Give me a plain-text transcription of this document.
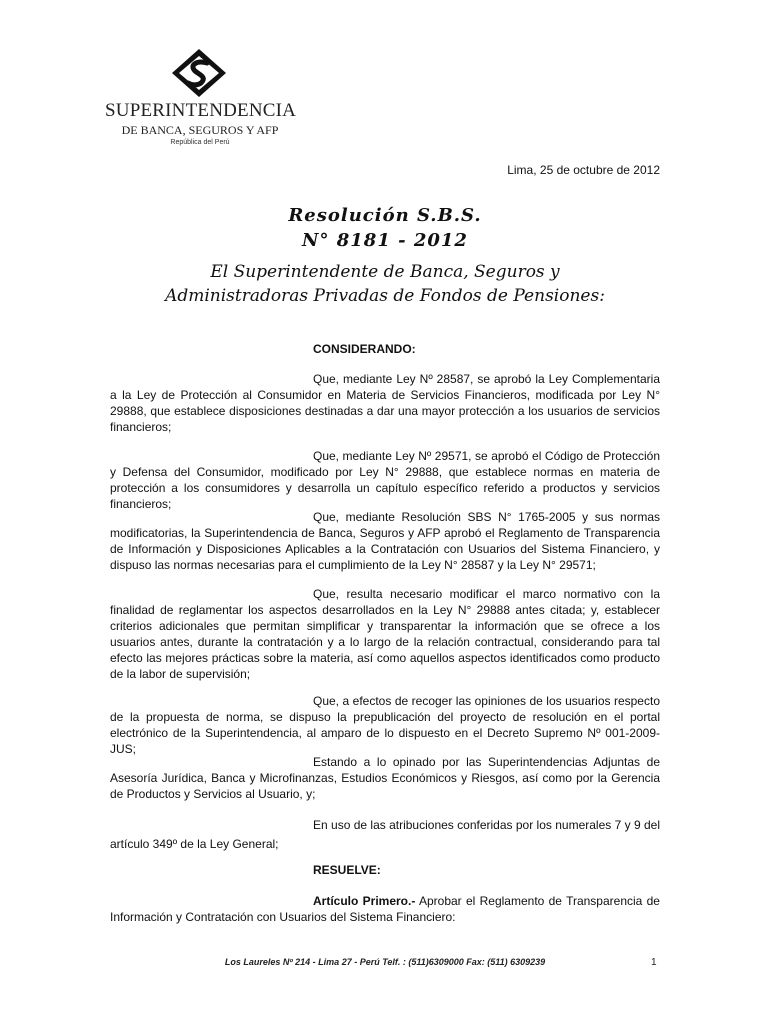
SUPERINTENDENCIA
DE BANCA, SEGUROS Y AFP
República del Perú
Lima, 25 de octubre de 2012
Resolución S.B.S.
N° 8181 - 2012
El Superintendente de Banca, Seguros y
Administradoras Privadas de Fondos de Pensiones:
CONSIDERANDO:
Que, mediante Ley Nº 28587, se aprobó la Ley Complementaria a la Ley de Protección al Consumidor en Materia de Servicios Financieros, modificada por Ley N° 29888, que establece disposiciones destinadas a dar una mayor protección a los usuarios de servicios financieros;
Que, mediante Ley Nº 29571, se aprobó el Código de Protección y Defensa del Consumidor, modificado por Ley N° 29888, que establece normas en materia de protección a los consumidores y desarrolla un capítulo específico referido a productos y servicios financieros;
Que, mediante Resolución SBS N° 1765-2005 y sus normas modificatorias, la Superintendencia de Banca, Seguros y AFP aprobó el Reglamento de Transparencia de Información y Disposiciones Aplicables a la Contratación con Usuarios del Sistema Financiero, y dispuso las normas necesarias para el cumplimiento de la Ley N° 28587 y la Ley N° 29571;
Que, resulta necesario modificar el marco normativo con la finalidad de reglamentar los aspectos desarrollados en la Ley N° 29888 antes citada; y, establecer criterios adicionales que permitan simplificar y transparentar la información que se ofrece a los usuarios antes, durante la contratación y a lo largo de la relación contractual, considerando para tal efecto las mejores prácticas sobre la materia, así como aquellos aspectos identificados como producto de la labor de supervisión;
Que, a efectos de recoger las opiniones de los usuarios respecto de la propuesta de norma, se dispuso la prepublicación del proyecto de resolución en el portal electrónico de la Superintendencia, al amparo de lo dispuesto en el Decreto Supremo Nº 001-2009-JUS;
Estando a lo opinado por las Superintendencias Adjuntas de Asesoría Jurídica, Banca y Microfinanzas, Estudios Económicos y Riesgos, así como por la Gerencia de Productos y Servicios al Usuario, y;
En uso de las atribuciones conferidas por los numerales 7 y 9 del artículo 349º de la Ley General;
RESUELVE:
Artículo Primero.- Aprobar el Reglamento de Transparencia de Información y Contratación con Usuarios del Sistema Financiero:
Los Laureles Nº 214 - Lima 27 - Perú Telf. : (511)6309000 Fax: (511) 6309239	1
